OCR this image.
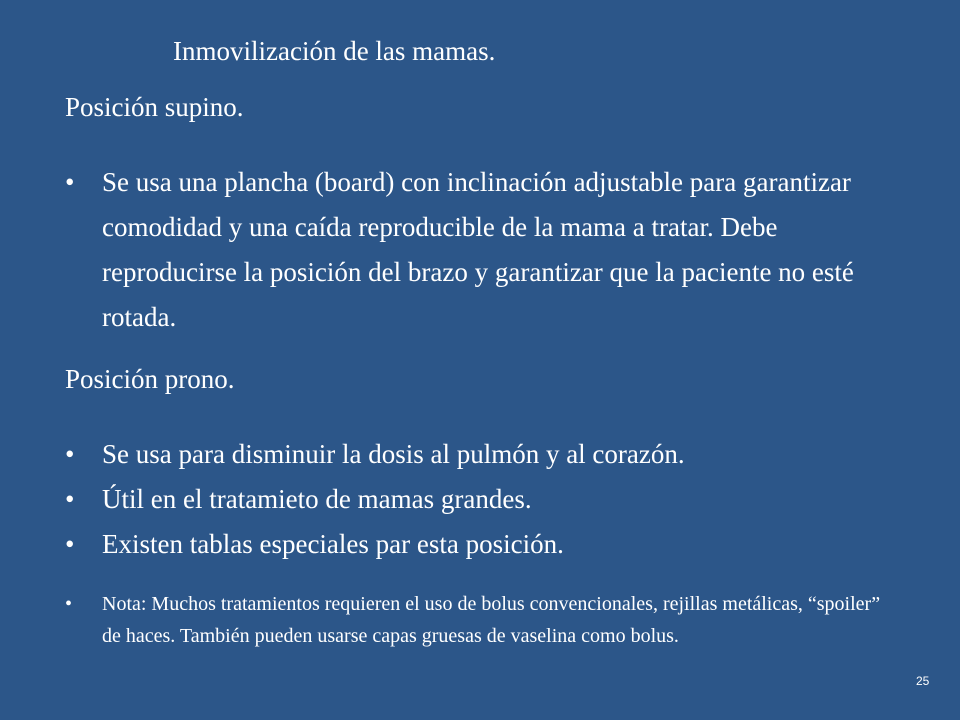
Inmovilización de las mamas.
Posición supino.
• Se usa una plancha (board) con inclinación adjustable para garantizar comodidad y una caída reproducible de la mama a tratar. Debe reproducirse la posición del brazo y garantizar que la paciente no esté rotada.
Posición prono.
• Se usa para disminuir la dosis al pulmón y al corazón.
• Útil en el tratamieto de mamas grandes.
• Existen tablas especiales par esta posición.
• Nota: Muchos tratamientos requieren el uso de bolus convencionales, rejillas metálicas, “spoiler” de haces. También pueden usarse capas gruesas de vaselina como bolus.
25
